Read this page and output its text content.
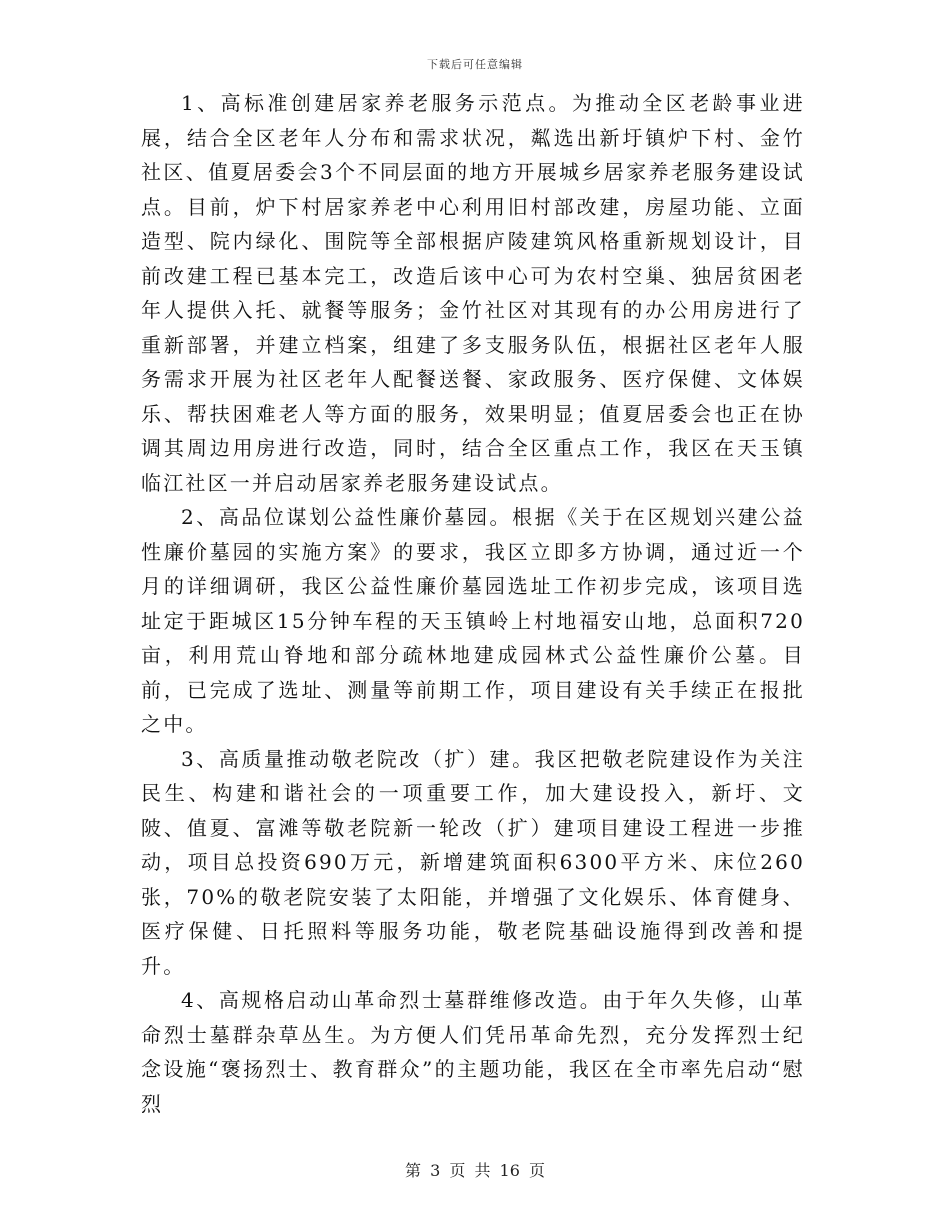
下载后可任意编辑

1、高标准创建居家养老服务示范点。为推动全区老龄事业进展，结合全区老年人分布和需求状况，粼选出新圩镇炉下村、金竹社区、值夏居委会3个不同层面的地方开展城乡居家养老服务建设试点。目前，炉下村居家养老中心利用旧村部改建，房屋功能、立面造型、院内绿化、围院等全部根据庐陵建筑风格重新规划设计，目前改建工程已基本完工，改造后该中心可为农村空巢、独居贫困老年人提供入托、就餐等服务；金竹社区对其现有的办公用房进行了重新部署，并建立档案，组建了多支服务队伍，根据社区老年人服务需求开展为社区老年人配餐送餐、家政服务、医疗保健、文体娱乐、帮扶困难老人等方面的服务，效果明显；值夏居委会也正在协调其周边用房进行改造，同时，结合全区重点工作，我区在天玉镇临江社区一并启动居家养老服务建设试点。

2、高品位谋划公益性廉价墓园。根据《关于在区规划兴建公益性廉价墓园的实施方案》的要求，我区立即多方协调，通过近一个月的详细调研，我区公益性廉价墓园选址工作初步完成，该项目选址定于距城区15分钟车程的天玉镇岭上村地福安山地，总面积720亩，利用荒山脊地和部分疏林地建成园林式公益性廉价公墓。目前，已完成了选址、测量等前期工作，项目建设有关手续正在报批之中。

3、高质量推动敬老院改（扩）建。我区把敬老院建设作为关注民生、构建和谐社会的一项重要工作，加大建设投入，新圩、文陂、值夏、富滩等敬老院新一轮改（扩）建项目建设工程进一步推动，项目总投资690万元，新增建筑面积6300平方米、床位260张，70%的敬老院安装了太阳能，并增强了文化娱乐、体育健身、医疗保健、日托照料等服务功能，敬老院基础设施得到改善和提升。

4、高规格启动山革命烈士墓群维修改造。由于年久失修，山革命烈士墓群杂草丛生。为方便人们凭吊革命先烈，充分发挥烈士纪念设施“褒扬烈士、教育群众”的主题功能，我区在全市率先启动“慰烈

第 3 页 共 16 页
